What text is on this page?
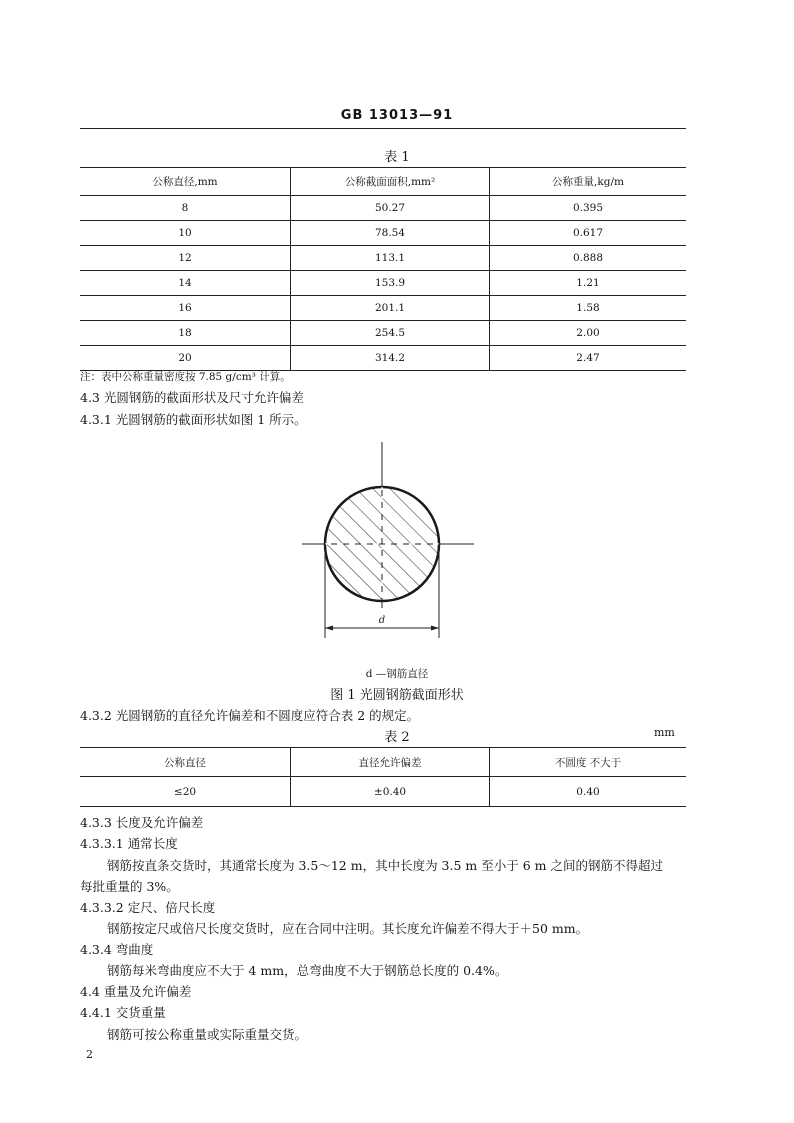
GB 13013—91
表 1
公称直径,mm	公称截面面积,mm²	公称重量,kg/m
8	50.27	0.395
10	78.54	0.617
12	113.1	0.888
14	153.9	1.21
16	201.1	1.58
18	254.5	2.00
20	314.2	2.47
注：表中公称重量密度按 7.85 g/cm³ 计算。
4.3 光圆钢筋的截面形状及尺寸允许偏差
4.3.1 光圆钢筋的截面形状如图 1 所示。
d
d —钢筋直径
图 1 光圆钢筋截面形状
4.3.2 光圆钢筋的直径允许偏差和不圆度应符合表 2 的规定。
表 2	mm
公称直径	直径允许偏差	不圆度 不大于
≤20	±0.40	0.40
4.3.3 长度及允许偏差
4.3.3.1 通常长度
钢筋按直条交货时，其通常长度为 3.5～12 m，其中长度为 3.5 m 至小于 6 m 之间的钢筋不得超过
每批重量的 3%。
4.3.3.2 定尺、倍尺长度
钢筋按定尺或倍尺长度交货时，应在合同中注明。其长度允许偏差不得大于＋50 mm。
4.3.4 弯曲度
钢筋每米弯曲度应不大于 4 mm，总弯曲度不大于钢筋总长度的 0.4%。
4.4 重量及允许偏差
4.4.1 交货重量
钢筋可按公称重量或实际重量交货。
2
